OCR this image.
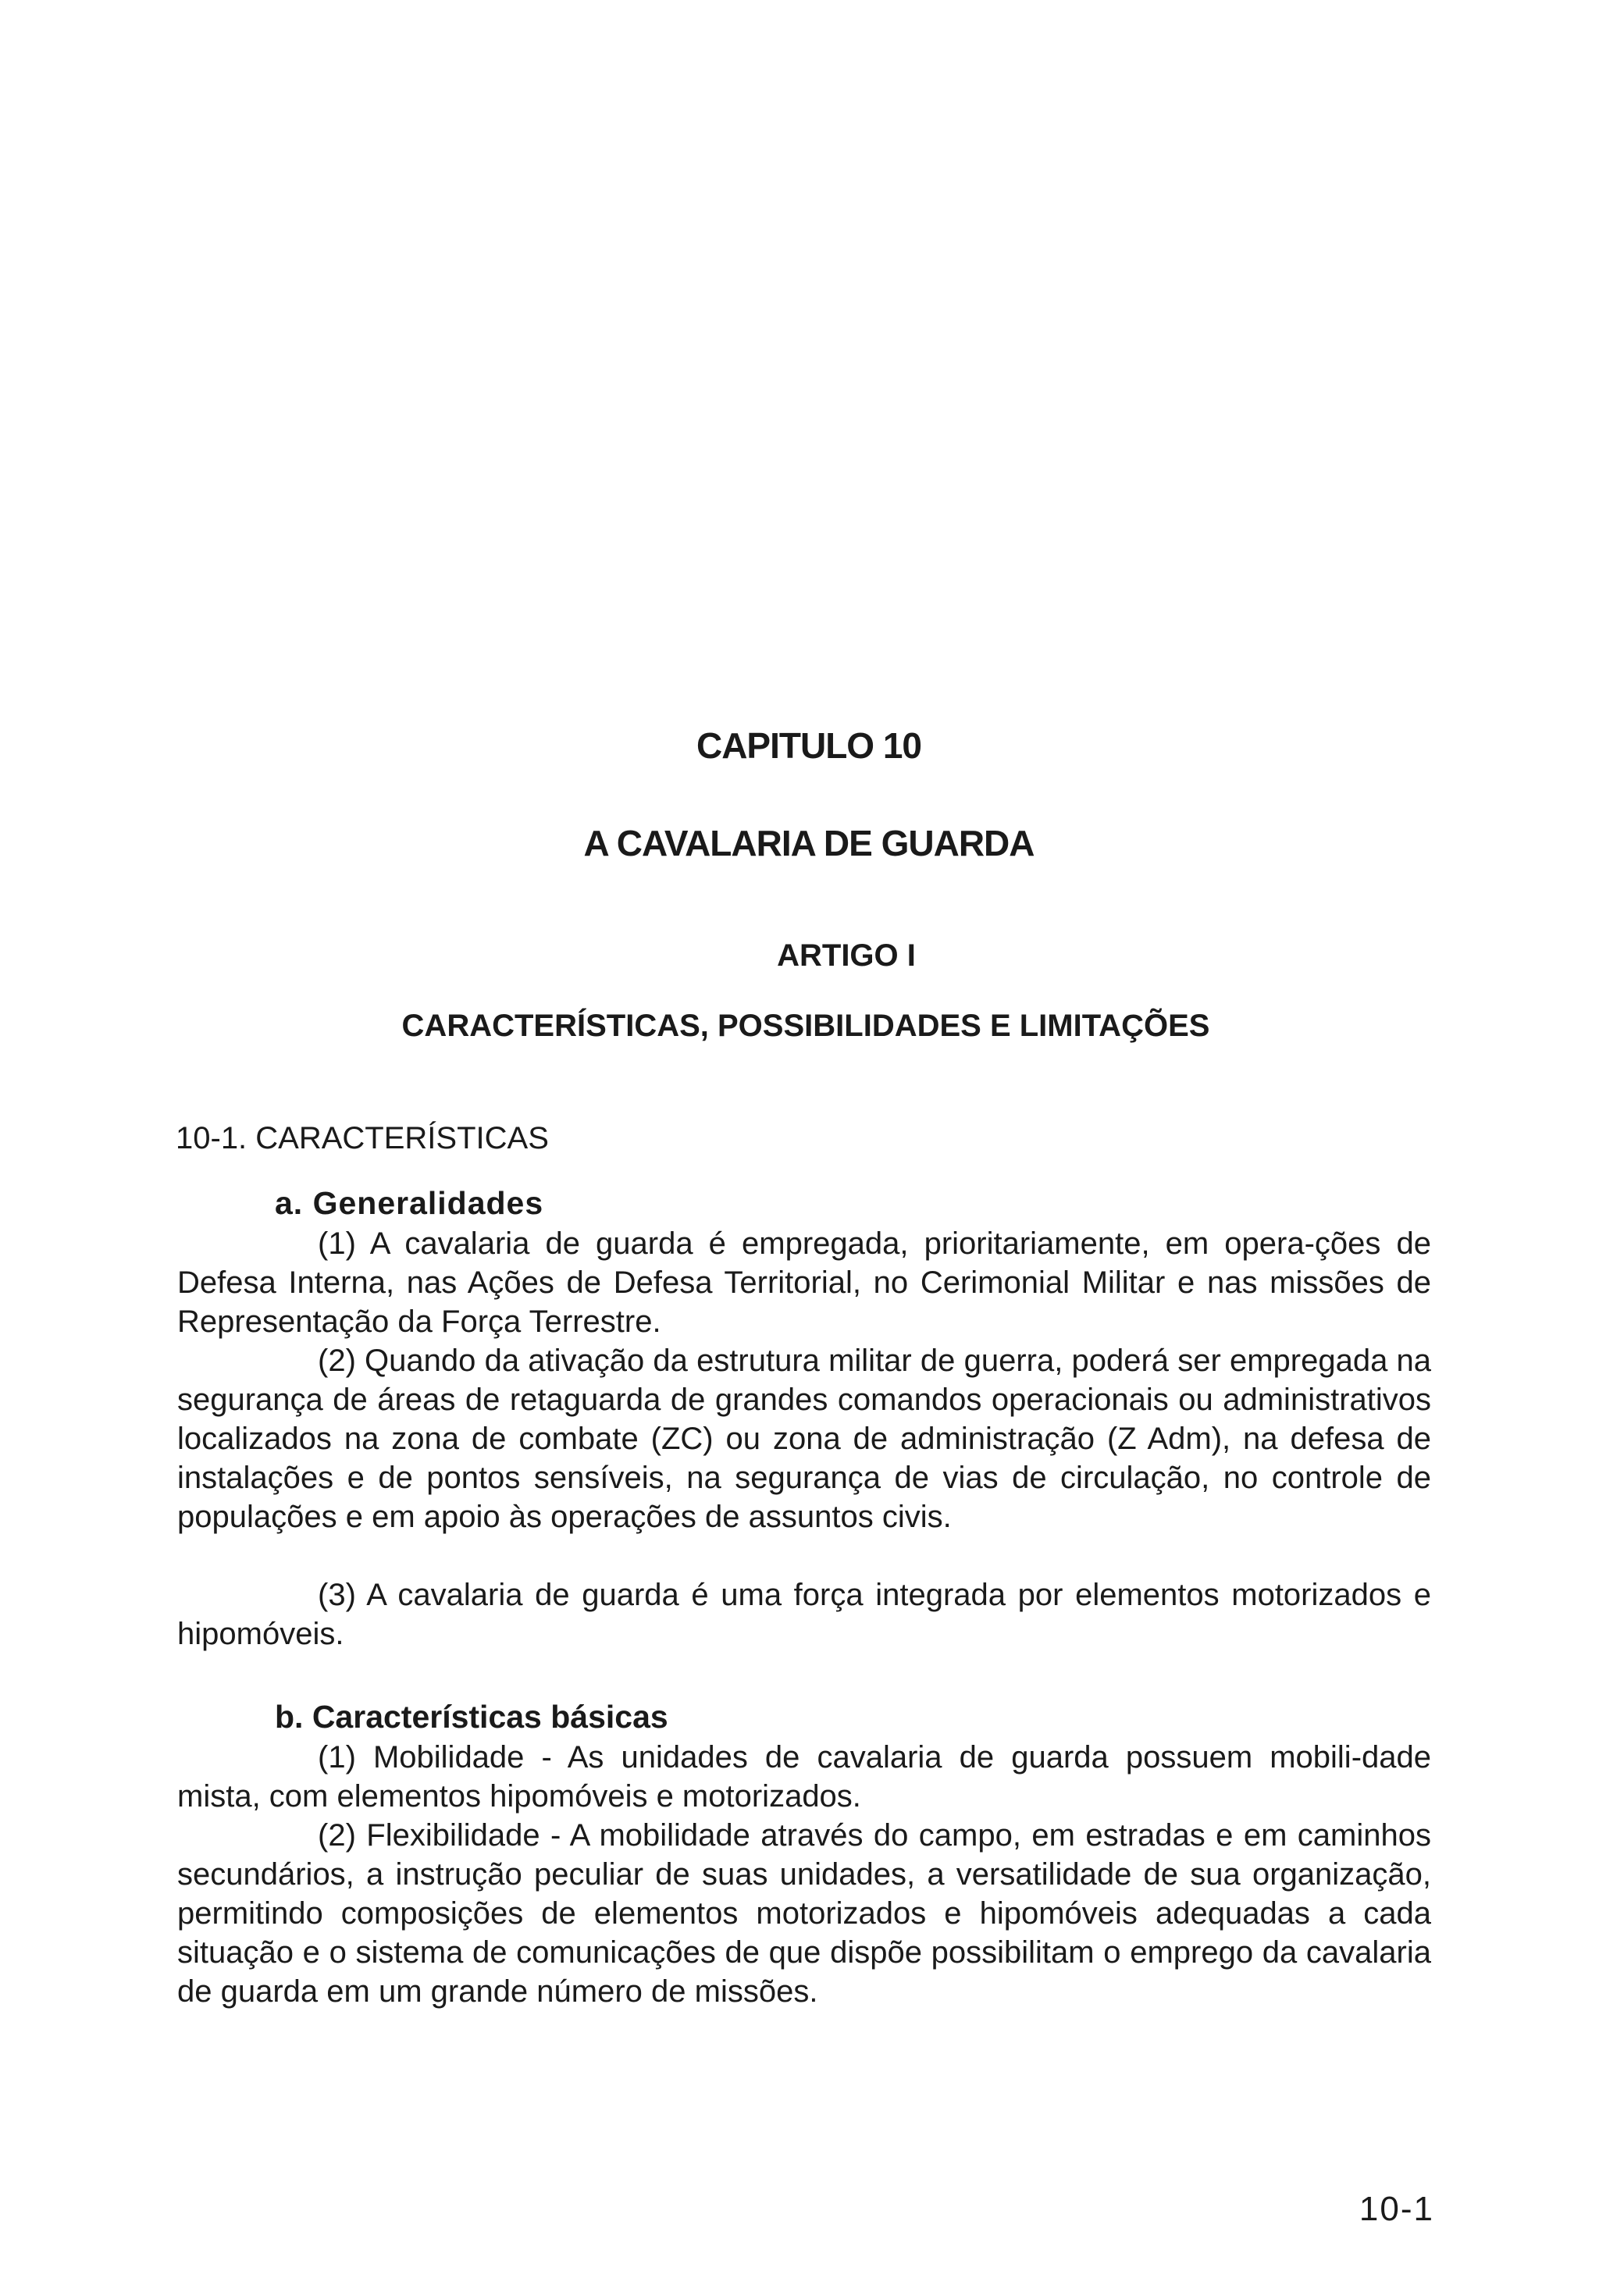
CAPITULO 10
A CAVALARIA DE GUARDA
ARTIGO I
CARACTERÍSTICAS, POSSIBILIDADES E LIMITAÇÕES

10-1. CARACTERÍSTICAS

a. Generalidades

(1) A cavalaria de guarda é empregada, prioritariamente, em opera-ções de Defesa Interna, nas Ações de Defesa Territorial, no Cerimonial Militar e nas missões de Representação da Força Terrestre.

(2) Quando da ativação da estrutura militar de guerra, poderá ser empregada na segurança de áreas de retaguarda de grandes comandos operacionais ou administrativos localizados na zona de combate (ZC) ou zona de administração (Z Adm), na defesa de instalações e de pontos sensíveis, na segurança de vias de circulação, no controle de populações e em apoio às operações de assuntos civis.

(3) A cavalaria de guarda é uma força integrada por elementos motorizados e hipomóveis.

b. Características básicas

(1) Mobilidade - As unidades de cavalaria de guarda possuem mobili-dade mista, com elementos hipomóveis e motorizados.

(2) Flexibilidade - A mobilidade através do campo, em estradas e em caminhos secundários, a instrução peculiar de suas unidades, a versatilidade de sua organização, permitindo composições de elementos motorizados e hipomóveis adequadas a cada situação e o sistema de comunicações de que dispõe possibilitam o emprego da cavalaria de guarda em um grande número de missões.

10-1
